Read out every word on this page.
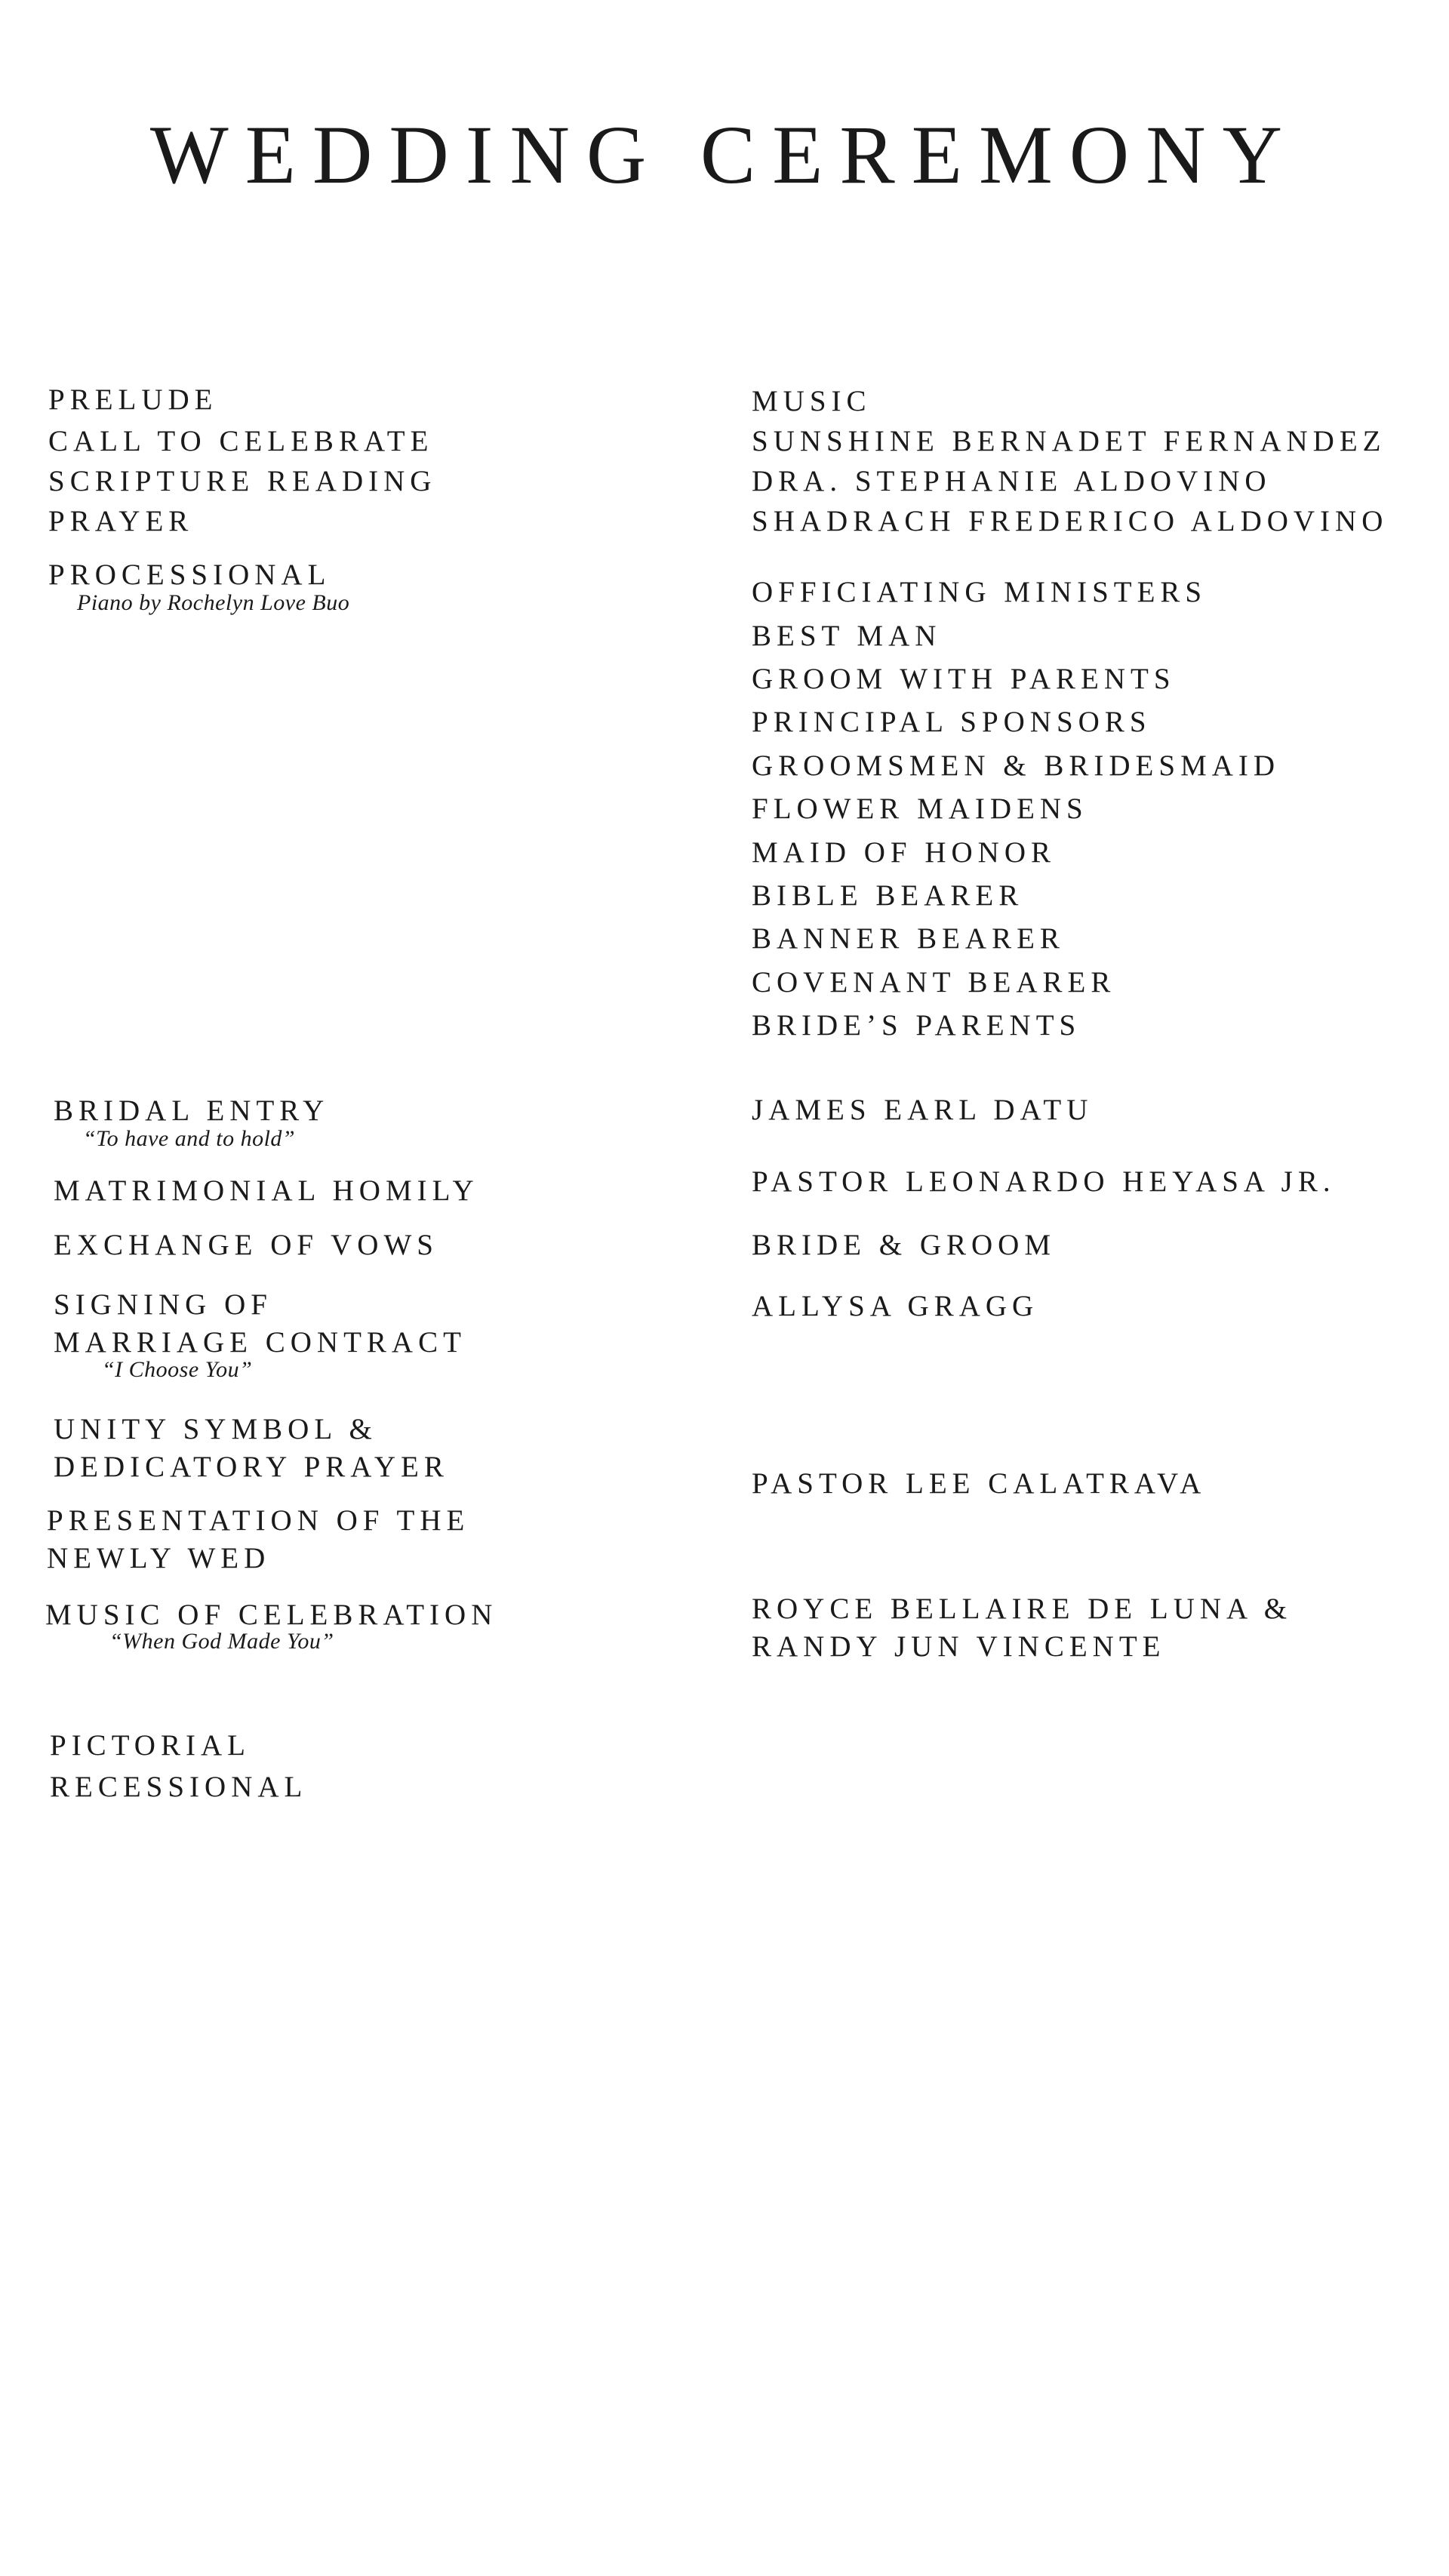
WEDDING CEREMONY
PRELUDE
CALL TO CELEBRATE
SCRIPTURE READING
PRAYER
PROCESSIONAL
Piano by Rochelyn Love Buo
BRIDAL ENTRY
“To have and to hold”
MATRIMONIAL HOMILY
EXCHANGE OF VOWS
SIGNING OF
MARRIAGE CONTRACT
“I Choose You”
UNITY SYMBOL &
DEDICATORY PRAYER
PRESENTATION OF THE
NEWLY WED
MUSIC OF CELEBRATION
“When God Made You”
PICTORIAL
RECESSIONAL
MUSIC
SUNSHINE BERNADET FERNANDEZ
DRA. STEPHANIE ALDOVINO
SHADRACH FREDERICO ALDOVINO
OFFICIATING MINISTERS
BEST MAN
GROOM WITH PARENTS
PRINCIPAL SPONSORS
GROOMSMEN & BRIDESMAID
FLOWER MAIDENS
MAID OF HONOR
BIBLE BEARER
BANNER BEARER
COVENANT BEARER
BRIDE’S PARENTS
JAMES EARL DATU
PASTOR LEONARDO HEYASA JR.
BRIDE & GROOM
ALLYSA GRAGG
PASTOR LEE CALATRAVA
ROYCE BELLAIRE DE LUNA &
RANDY JUN VINCENTE
